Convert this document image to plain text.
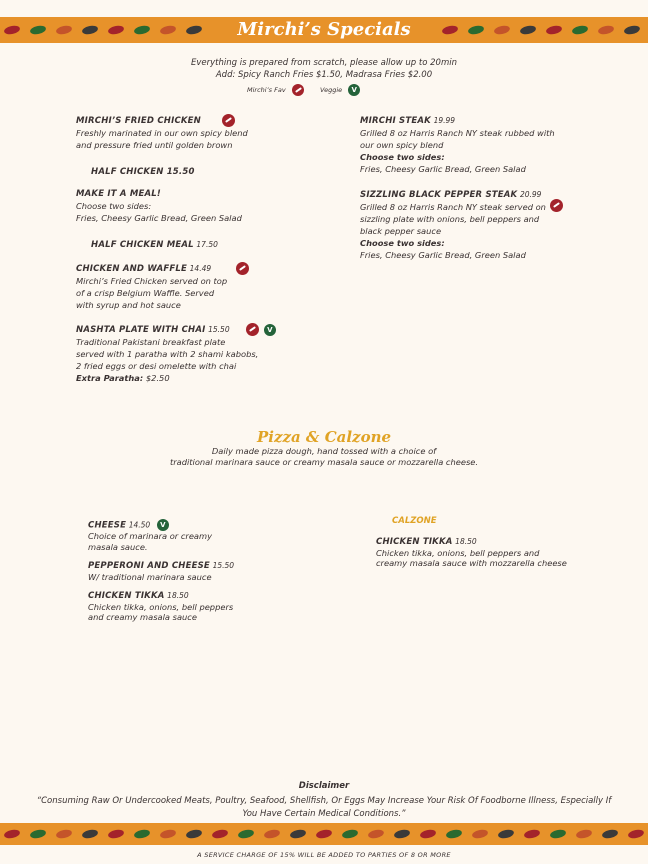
Mirchi’s Specials
Everything is prepared from scratch, please allow up to 20min
Add: Spicy Ranch Fries $1.50, Madrasa Fries $2.00
Mirchi’s Fav	Veggie V
MIRCHI’S FRIED CHICKEN
Freshly marinated in our own spicy blend
and pressure fried until golden brown
HALF CHICKEN 15.50
MAKE IT A MEAL!
Choose two sides:
Fries, Cheesy Garlic Bread, Green Salad
HALF CHICKEN MEAL 17.50
CHICKEN AND WAFFLE 14.49
Mirchi’s Fried Chicken served on top
of a crisp Belgium Waffle. Served
with syrup and hot sauce
NASHTA PLATE WITH CHAI 15.50	V
Traditional Pakistani breakfast plate
served with 1 paratha with 2 shami kabobs,
2 fried eggs or desi omelette with chai
Extra Paratha: $2.50
MIRCHI STEAK 19.99
Grilled 8 oz Harris Ranch NY steak rubbed with
our own spicy blend
Choose two sides:
Fries, Cheesy Garlic Bread, Green Salad
SIZZLING BLACK PEPPER STEAK 20.99
Grilled 8 oz Harris Ranch NY steak served on
sizzling plate with onions, bell peppers and
black pepper sauce
Choose two sides:
Fries, Cheesy Garlic Bread, Green Salad
Pizza & Calzone
Daily made pizza dough, hand tossed with a choice of
traditional marinara sauce or creamy masala sauce or mozzarella cheese.
CHEESE 14.50 V
Choice of marinara or creamy
masala sauce.
PEPPERONI AND CHEESE 15.50
W/ traditional marinara sauce
CHICKEN TIKKA 18.50
Chicken tikka, onions, bell peppers
and creamy masala sauce
CALZONE
CHICKEN TIKKA 18.50
Chicken tikka, onions, bell peppers and
creamy masala sauce with mozzarella cheese
Disclaimer
“Consuming Raw Or Undercooked Meats, Poultry, Seafood, Shellfish, Or Eggs May Increase Your Risk Of Foodborne Illness, Especially If You Have Certain Medical Conditions.”
A SERVICE CHARGE OF 15% WILL BE ADDED TO PARTIES OF 8 OR MORE
